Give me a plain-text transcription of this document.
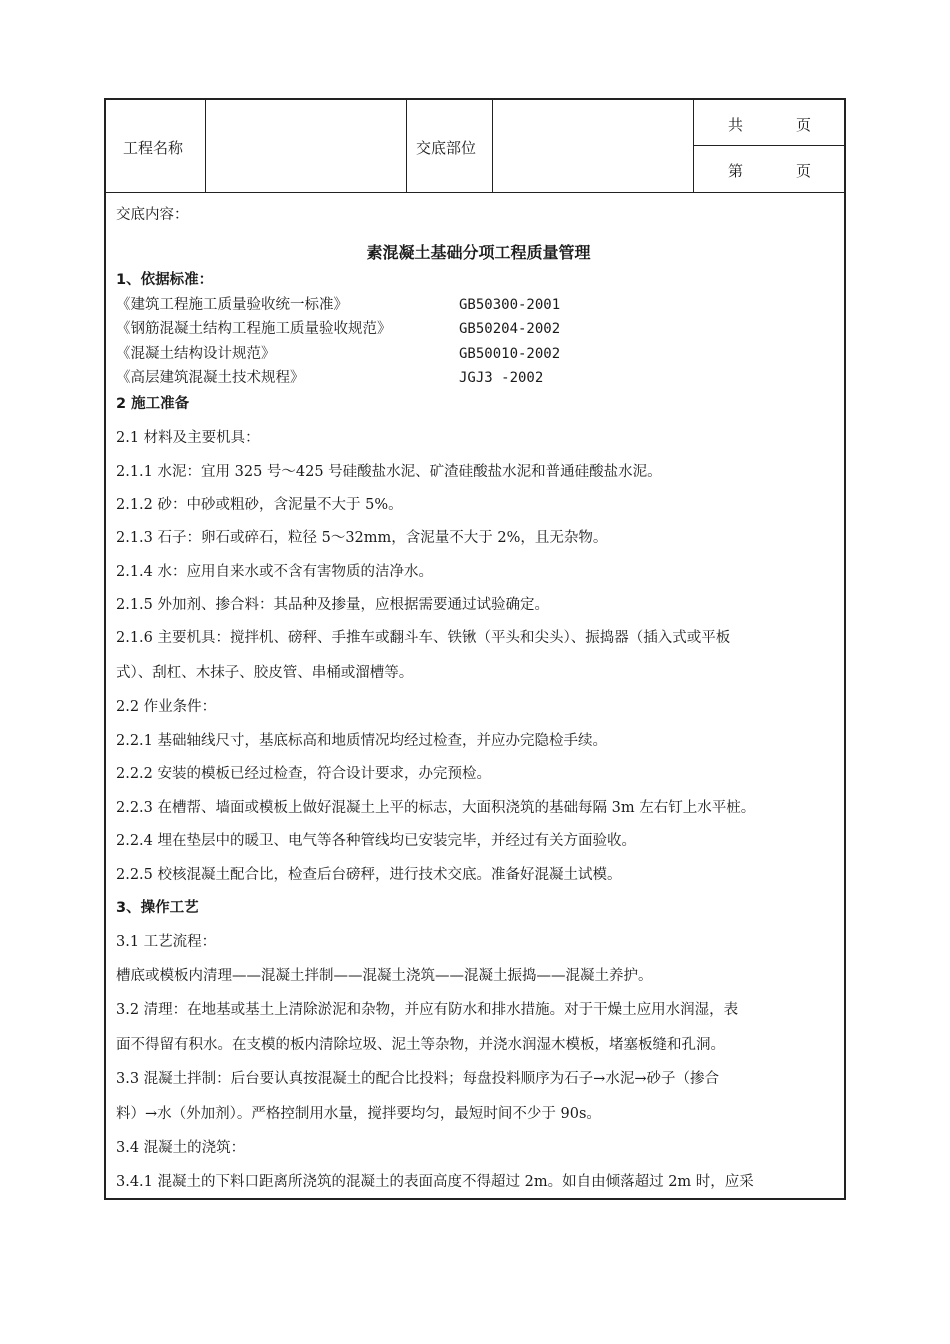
工程名称	交底部位
共	页
第	页
交底内容：
素混凝土基础分项工程质量管理
1、依据标准：
《建筑工程施工质量验收统一标准》	GB50300-2001
《钢筋混凝土结构工程施工质量验收规范》	GB50204-2002
《混凝土结构设计规范》	GB50010-2002
《高层建筑混凝土技术规程》	JGJ3 -2002
2 施工准备
2.1 材料及主要机具：
2.1.1 水泥：宜用 325 号～425 号硅酸盐水泥、矿渣硅酸盐水泥和普通硅酸盐水泥。
2.1.2 砂：中砂或粗砂，含泥量不大于 5%。
2.1.3 石子：卵石或碎石，粒径 5～32mm，含泥量不大于 2%，且无杂物。
2.1.4 水：应用自来水或不含有害物质的洁净水。
2.1.5 外加剂、掺合料：其品种及掺量，应根据需要通过试验确定。
2.1.6 主要机具：搅拌机、磅秤、手推车或翻斗车、铁锹（平头和尖头）、振捣器（插入式或平板
式）、刮杠、木抹子、胶皮管、串桶或溜槽等。
2.2 作业条件：
2.2.1 基础轴线尺寸，基底标高和地质情况均经过检查，并应办完隐检手续。
2.2.2 安装的模板已经过检查，符合设计要求，办完预检。
2.2.3 在槽帮、墙面或模板上做好混凝土上平的标志，大面积浇筑的基础每隔 3m 左右钉上水平桩。
2.2.4 埋在垫层中的暖卫、电气等各种管线均已安装完毕，并经过有关方面验收。
2.2.5 校核混凝土配合比，检查后台磅秤，进行技术交底。准备好混凝土试模。
3、操作工艺
3.1 工艺流程：
槽底或模板内清理——混凝土拌制——混凝土浇筑——混凝土振捣——混凝土养护。
3.2 清理：在地基或基土上清除淤泥和杂物，并应有防水和排水措施。对于干燥土应用水润湿，表
面不得留有积水。在支模的板内清除垃圾、泥土等杂物，并浇水润湿木模板，堵塞板缝和孔洞。
3.3 混凝土拌制：后台要认真按混凝土的配合比投料；每盘投料顺序为石子→水泥→砂子（掺合
料）→水（外加剂）。严格控制用水量，搅拌要均匀，最短时间不少于 90s。
3.4 混凝土的浇筑：
3.4.1 混凝土的下料口距离所浇筑的混凝土的表面高度不得超过 2m。如自由倾落超过 2m 时，应采
